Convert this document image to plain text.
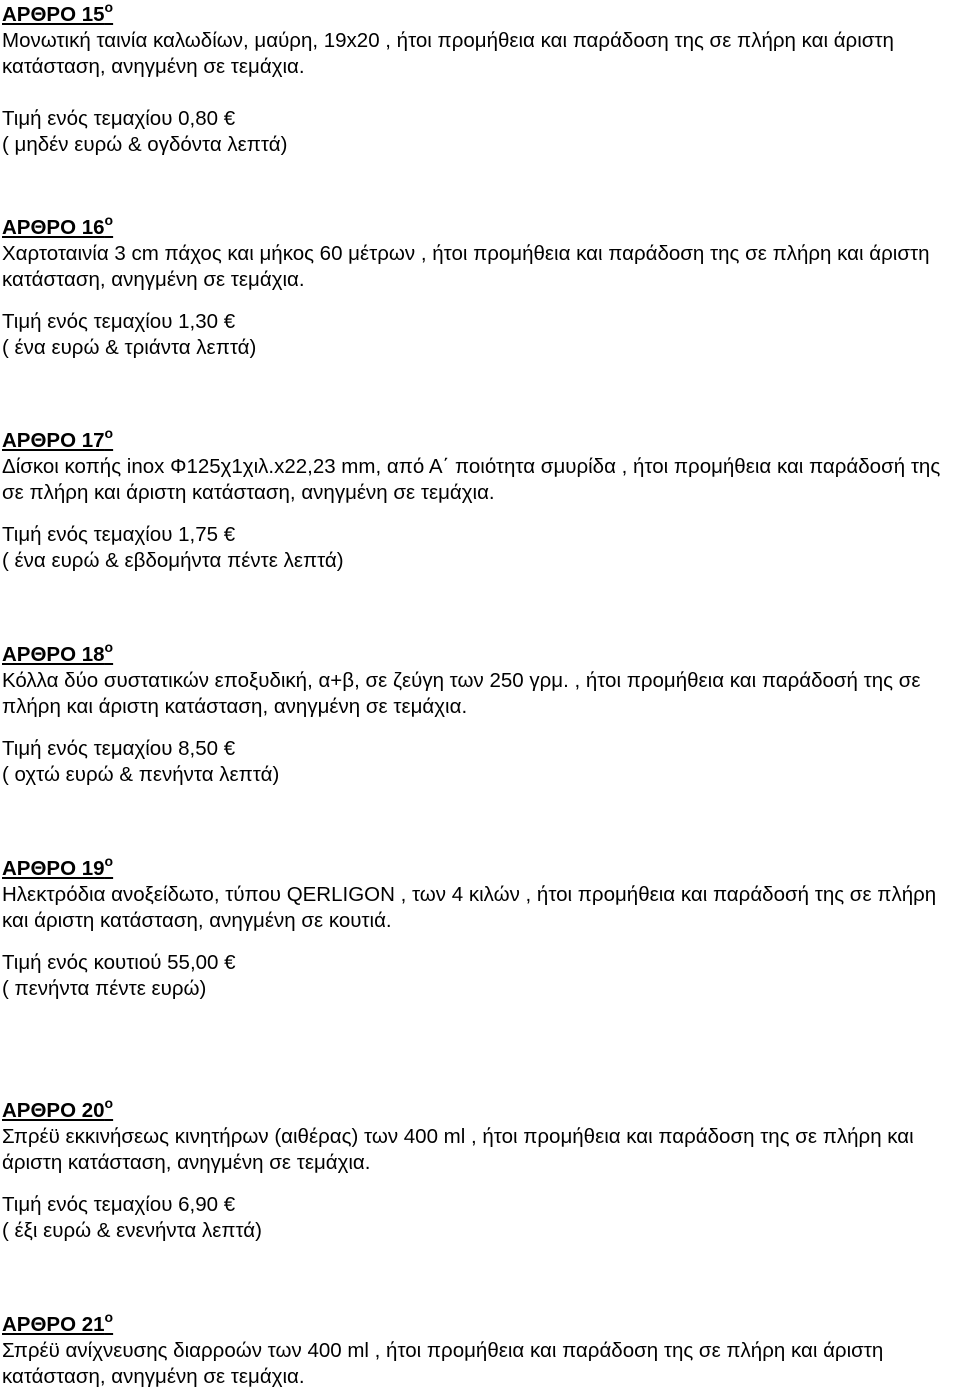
ΑΡΘΡΟ $15^o$
Μονωτική ταινία καλωδίων, μαύρη, 19x20 , ήτοι προμήθεια και παράδοση της σε πλήρη και άριστη κατάσταση, ανηγμένη σε τεμάχια.
Τιμή ενός τεμαχίου 0,80 €
( μηδέν ευρώ & ογδόντα λεπτά)
ΑΡΘΡΟ $16^o$
Χαρτοταινία 3 cm πάχος και μήκος 60 μέτρων , ήτοι προμήθεια και παράδοση της σε πλήρη και άριστη κατάσταση, ανηγμένη σε τεμάχια.
Τιμή ενός τεμαχίου 1,30 €
( ένα ευρώ & τριάντα λεπτά)
ΑΡΘΡΟ $17^o$
Δίσκοι κοπής inox Φ125χ1χιλ.x22,23 mm, από Α΄ ποιότητα σμυρίδα , ήτοι προμήθεια και παράδοσή της σε πλήρη και άριστη κατάσταση, ανηγμένη σε τεμάχια.
Τιμή ενός τεμαχίου 1,75 €
( ένα ευρώ & εβδομήντα πέντε λεπτά)
ΑΡΘΡΟ $18^o$
Κόλλα δύο συστατικών εποξυδική, α+β, σε ζεύγη των 250 γρμ. , ήτοι προμήθεια και παράδοσή της σε πλήρη και άριστη κατάσταση, ανηγμένη σε τεμάχια.
Τιμή ενός τεμαχίου 8,50 €
( οχτώ ευρώ & πενήντα λεπτά)
ΑΡΘΡΟ $19^o$
Ηλεκτρόδια ανοξείδωτο, τύπου QERLIGON , των 4 κιλών , ήτοι προμήθεια και παράδοσή της σε πλήρη και άριστη κατάσταση, ανηγμένη σε κουτιά.
Τιμή ενός κουτιού 55,00 €
( πενήντα πέντε ευρώ)
ΑΡΘΡΟ $20^o$
Σπρέϋ εκκινήσεως κινητήρων (αιθέρας) των 400 ml , ήτοι προμήθεια και παράδοση της σε πλήρη και άριστη κατάσταση, ανηγμένη σε τεμάχια.
Τιμή ενός τεμαχίου 6,90 €
( έξι ευρώ & ενενήντα λεπτά)
ΑΡΘΡΟ $21^o$
Σπρέϋ ανίχνευσης διαρροών των 400 ml , ήτοι προμήθεια και παράδοση της σε πλήρη και άριστη κατάσταση, ανηγμένη σε τεμάχια.
